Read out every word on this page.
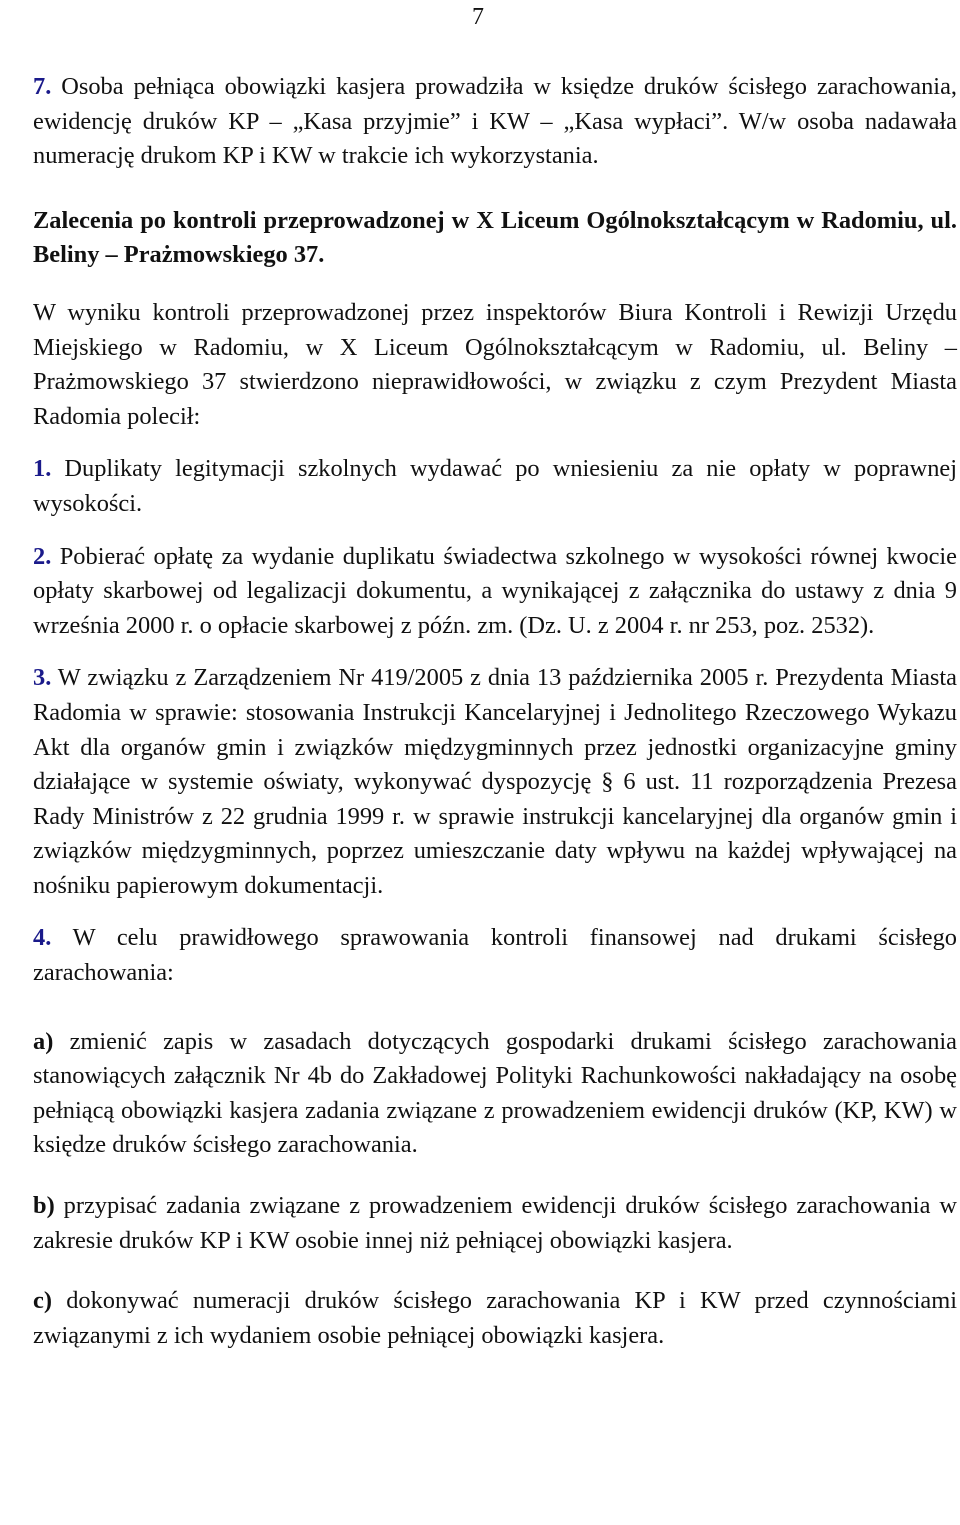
7

7. Osoba pełniąca obowiązki kasjera prowadziła w księdze druków ścisłego zarachowania, ewidencję druków KP – „Kasa przyjmie” i KW – „Kasa wypłaci”. W/w osoba nadawała numerację drukom KP i KW w trakcie ich wykorzystania.

Zalecenia po kontroli przeprowadzonej w X Liceum Ogólnokształcącym w Radomiu, ul. Beliny – Prażmowskiego 37.

W wyniku kontroli przeprowadzonej przez inspektorów Biura Kontroli i Rewizji Urzędu Miejskiego w Radomiu, w X Liceum Ogólnokształcącym w Radomiu, ul. Beliny – Prażmowskiego 37 stwierdzono nieprawidłowości, w związku z czym Prezydent Miasta Radomia polecił:

1. Duplikaty legitymacji szkolnych wydawać po wniesieniu za nie opłaty w poprawnej wysokości.

2. Pobierać opłatę za wydanie duplikatu świadectwa szkolnego w wysokości równej kwocie opłaty skarbowej od legalizacji dokumentu, a wynikającej z załącznika do ustawy z dnia 9 września 2000 r. o opłacie skarbowej z późn. zm. (Dz. U. z 2004 r. nr 253, poz. 2532).

3. W związku z Zarządzeniem Nr 419/2005 z dnia 13 października 2005 r. Prezydenta Miasta Radomia w sprawie: stosowania Instrukcji Kancelaryjnej i Jednolitego Rzeczowego Wykazu Akt dla organów gmin i związków międzygminnych przez jednostki organizacyjne gminy działające w systemie oświaty, wykonywać dyspozycję § 6 ust. 11 rozporządzenia Prezesa Rady Ministrów z 22 grudnia 1999 r. w sprawie instrukcji kancelaryjnej dla organów gmin i związków międzygminnych, poprzez umieszczanie daty wpływu na każdej wpływającej na nośniku papierowym dokumentacji.

4. W celu prawidłowego sprawowania kontroli finansowej nad drukami ścisłego zarachowania:

a) zmienić zapis w zasadach dotyczących gospodarki drukami ścisłego zarachowania stanowiących załącznik Nr 4b do Zakładowej Polityki Rachunkowości nakładający na osobę pełniącą obowiązki kasjera zadania związane z prowadzeniem ewidencji druków (KP, KW) w księdze druków ścisłego zarachowania.

b) przypisać zadania związane z prowadzeniem ewidencji druków ścisłego zarachowania w zakresie druków KP i KW osobie innej niż pełniącej obowiązki kasjera.

c) dokonywać numeracji druków ścisłego zarachowania KP i KW przed czynnościami związanymi z ich wydaniem osobie pełniącej obowiązki kasjera.
